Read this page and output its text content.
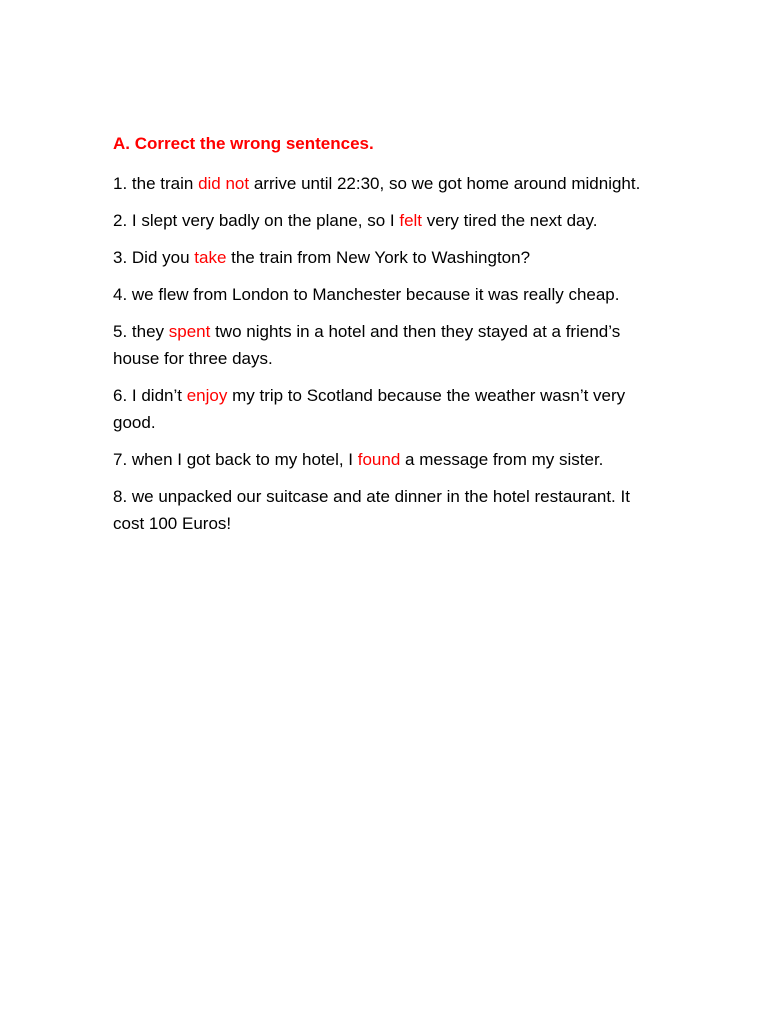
A. Correct the wrong sentences.
1. the train did not arrive until 22:30, so we got home around midnight.
2. I slept very badly on the plane, so I felt very tired the next day.
3. Did you take the train from New York to Washington?
4. we flew from London to Manchester because it was really cheap.
5. they spent two nights in a hotel and then they stayed at a friend’s house for three days.
6. I didn’t enjoy my trip to Scotland because the weather wasn’t very good.
7. when I got back to my hotel, I found a message from my sister.
8. we unpacked our suitcase and ate dinner in the hotel restaurant. It cost 100 Euros!
